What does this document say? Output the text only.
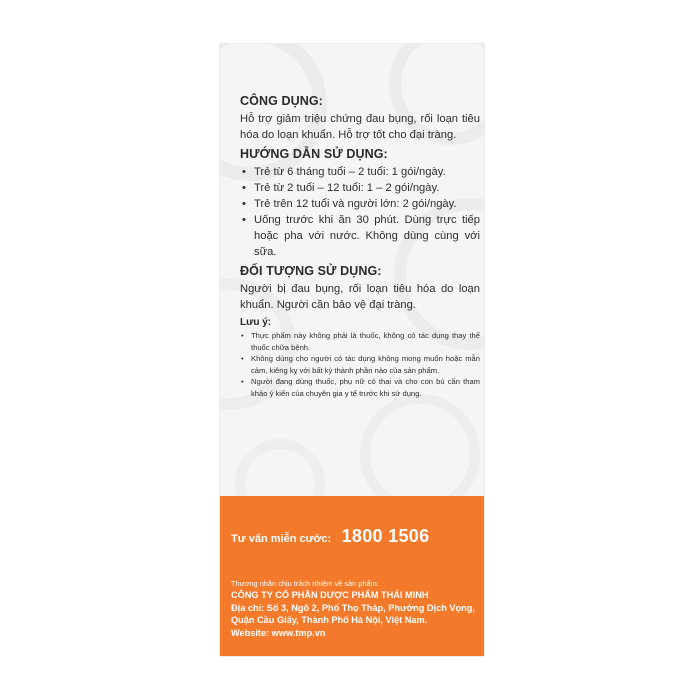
CÔNG DỤNG:

Hỗ trợ giảm triệu chứng đau bụng, rối loạn tiêu hóa do loạn khuẩn. Hỗ trợ tốt cho đại tràng.

HƯỚNG DẪN SỬ DỤNG:

• Trẻ từ 6 tháng tuổi – 2 tuổi: 1 gói/ngày.
• Trẻ từ 2 tuổi – 12 tuổi: 1 – 2 gói/ngày.
• Trẻ trên 12 tuổi và người lớn: 2 gói/ngày.
• Uống trước khi ăn 30 phút. Dùng trực tiếp hoặc pha với nước. Không dùng cùng với sữa.

ĐỐI TƯỢNG SỬ DỤNG:

Người bị đau bụng, rối loạn tiêu hóa do loạn khuẩn. Người cần bảo vệ đại tràng.

Lưu ý:

• Thực phẩm này không phải là thuốc, không có tác dụng thay thế thuốc chữa bệnh.
• Không dùng cho người có tác dụng không mong muốn hoặc mẫn cảm, kiêng kỵ với bất kỳ thành phần nào của sản phẩm.
• Người đang dùng thuốc, phụ nữ có thai và cho con bú cần tham khảo ý kiến của chuyên gia y tế trước khi sử dụng.
Tư vấn miễn cước: 1800 1506
Thương nhân chịu trách nhiệm về sản phẩm:
CÔNG TY CỔ PHẦN DƯỢC PHẨM THÁI MINH
Địa chỉ: Số 3, Ngõ 2, Phố Thọ Tháp, Phường Dịch Vọng, Quận Cầu Giấy, Thành Phố Hà Nội, Việt Nam.
Website: www.tmp.vn
